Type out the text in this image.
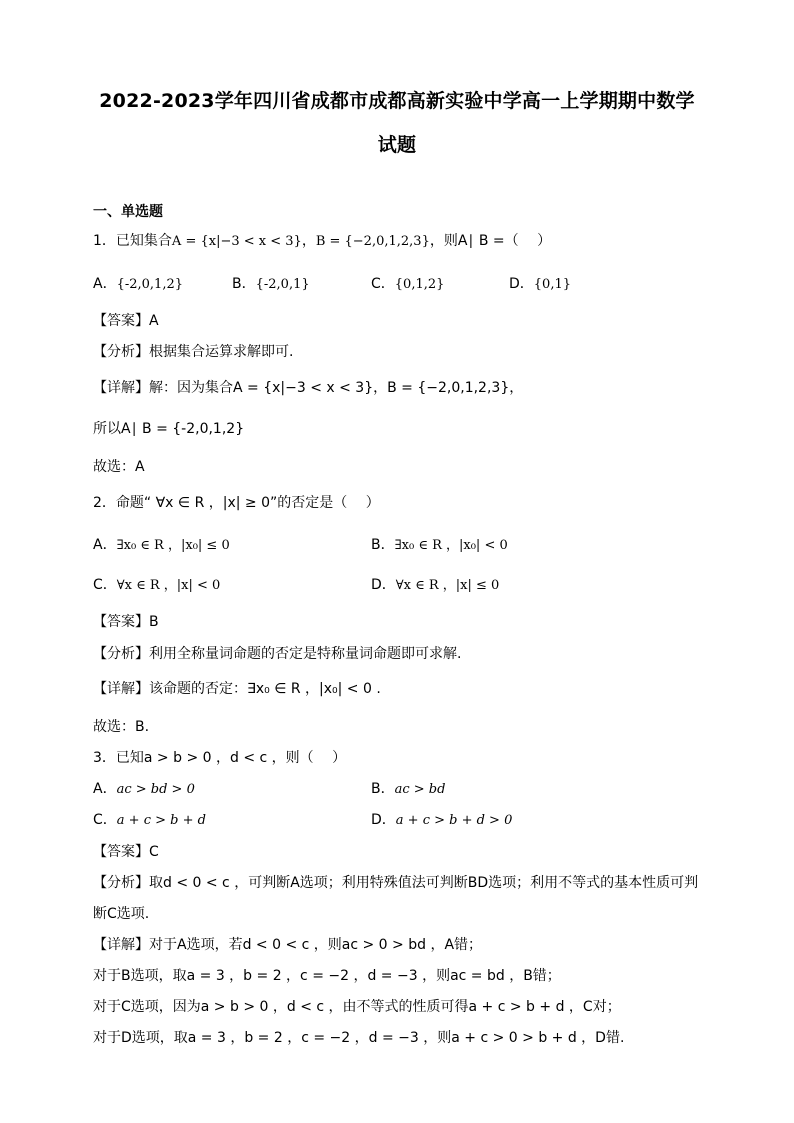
2022-2023学年四川省成都市成都高新实验中学高一上学期期中数学
试题
一、单选题
1．已知集合A = {x|−3 < x < 3}，B = {−2,0,1,2,3}，则A∣ B =（　 ）
A．{-2,0,1,2}	B．{-2,0,1}	C．{0,1,2}	D．{0,1}
【答案】A
【分析】根据集合运算求解即可.
【详解】解：因为集合A = {x|−3 < x < 3}，B = {−2,0,1,2,3}，
所以A∣ B = {-2,0,1,2}
故选：A
2．命题“ ∀x ∈ R ，|x| ≥ 0”的否定是（　 ）
A．∃x₀ ∈ R ，|x₀| ≤ 0	B．∃x₀ ∈ R ，|x₀| < 0
C．∀x ∈ R ，|x| < 0	D．∀x ∈ R ，|x| ≤ 0
【答案】B
【分析】利用全称量词命题的否定是特称量词命题即可求解.
【详解】该命题的否定：∃x₀ ∈ R ，|x₀| < 0 .
故选：B.
3．已知a > b > 0 ，d < c ，则（　 ）
A．ac > bd > 0	B．ac > bd
C．a + c > b + d	D．a + c > b + d > 0
【答案】C
【分析】取d < 0 < c ，可判断A选项；利用特殊值法可判断BD选项；利用不等式的基本性质可判
断C选项.
【详解】对于A选项，若d < 0 < c ，则ac > 0 > bd ，A错；
对于B选项，取a = 3 ，b = 2 ，c = −2 ，d = −3 ，则ac = bd ，B错；
对于C选项，因为a > b > 0 ，d < c ，由不等式的性质可得a + c > b + d ，C对；
对于D选项，取a = 3 ，b = 2 ，c = −2 ，d = −3 ，则a + c > 0 > b + d ，D错.
